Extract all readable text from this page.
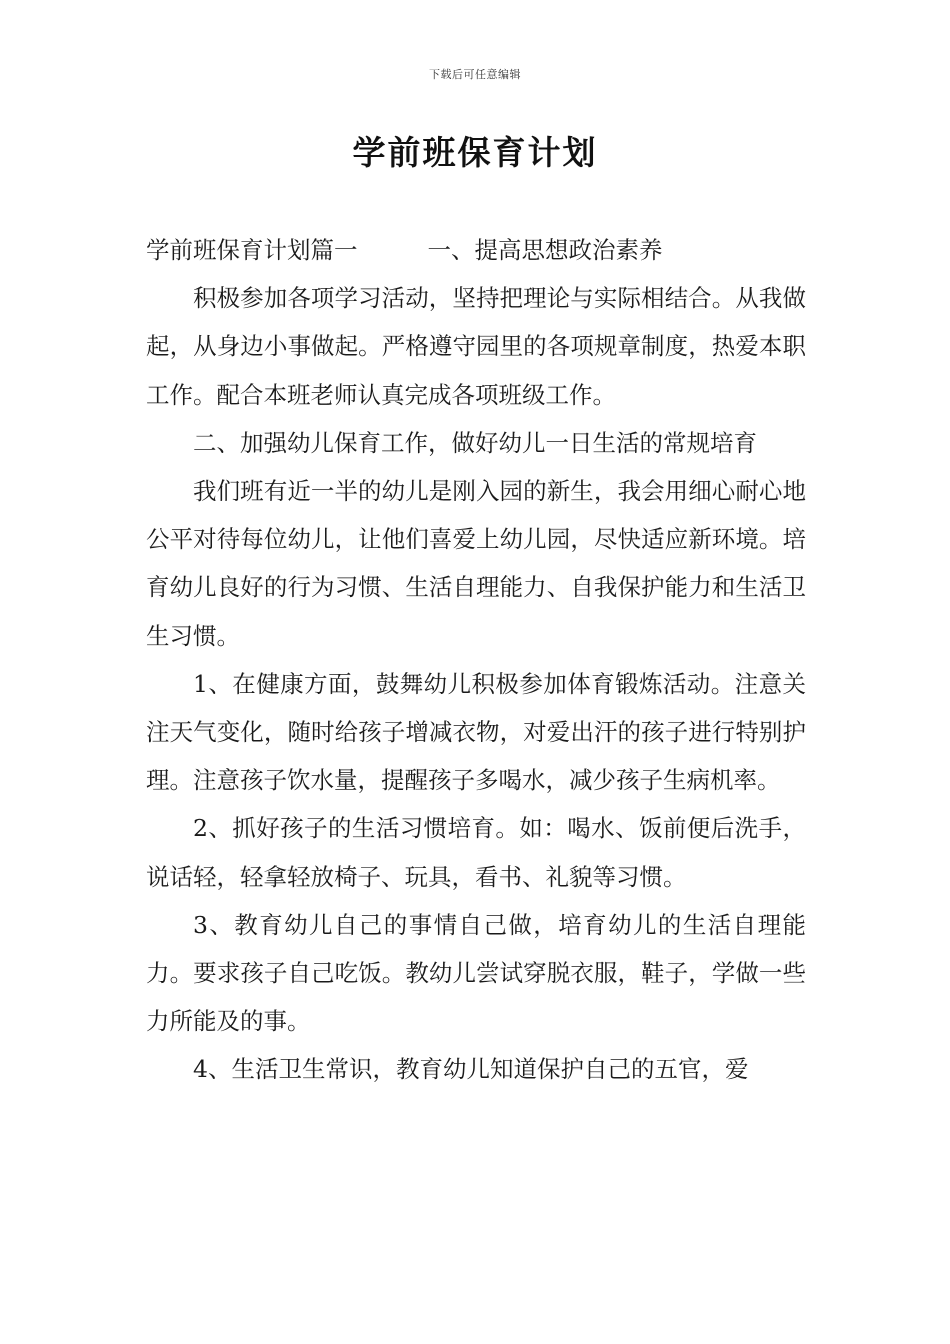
下载后可任意编辑
学前班保育计划

学前班保育计划篇一	一、提高思想政治素养

积极参加各项学习活动，坚持把理论与实际相结合。从我做起，从身边小事做起。严格遵守园里的各项规章制度，热爱本职工作。配合本班老师认真完成各项班级工作。

二、加强幼儿保育工作，做好幼儿一日生活的常规培育

我们班有近一半的幼儿是刚入园的新生，我会用细心耐心地公平对待每位幼儿，让他们喜爱上幼儿园，尽快适应新环境。培育幼儿良好的行为习惯、生活自理能力、自我保护能力和生活卫生习惯。

1、在健康方面，鼓舞幼儿积极参加体育锻炼活动。注意关注天气变化，随时给孩子增减衣物，对爱出汗的孩子进行特别护理。注意孩子饮水量，提醒孩子多喝水，减少孩子生病机率。

2、抓好孩子的生活习惯培育。如：喝水、饭前便后洗手，说话轻，轻拿轻放椅子、玩具，看书、礼貌等习惯。

3、教育幼儿自己的事情自己做，培育幼儿的生活自理能力。要求孩子自己吃饭。教幼儿尝试穿脱衣服，鞋子，学做一些力所能及的事。

4、生活卫生常识，教育幼儿知道保护自己的五官，爱
